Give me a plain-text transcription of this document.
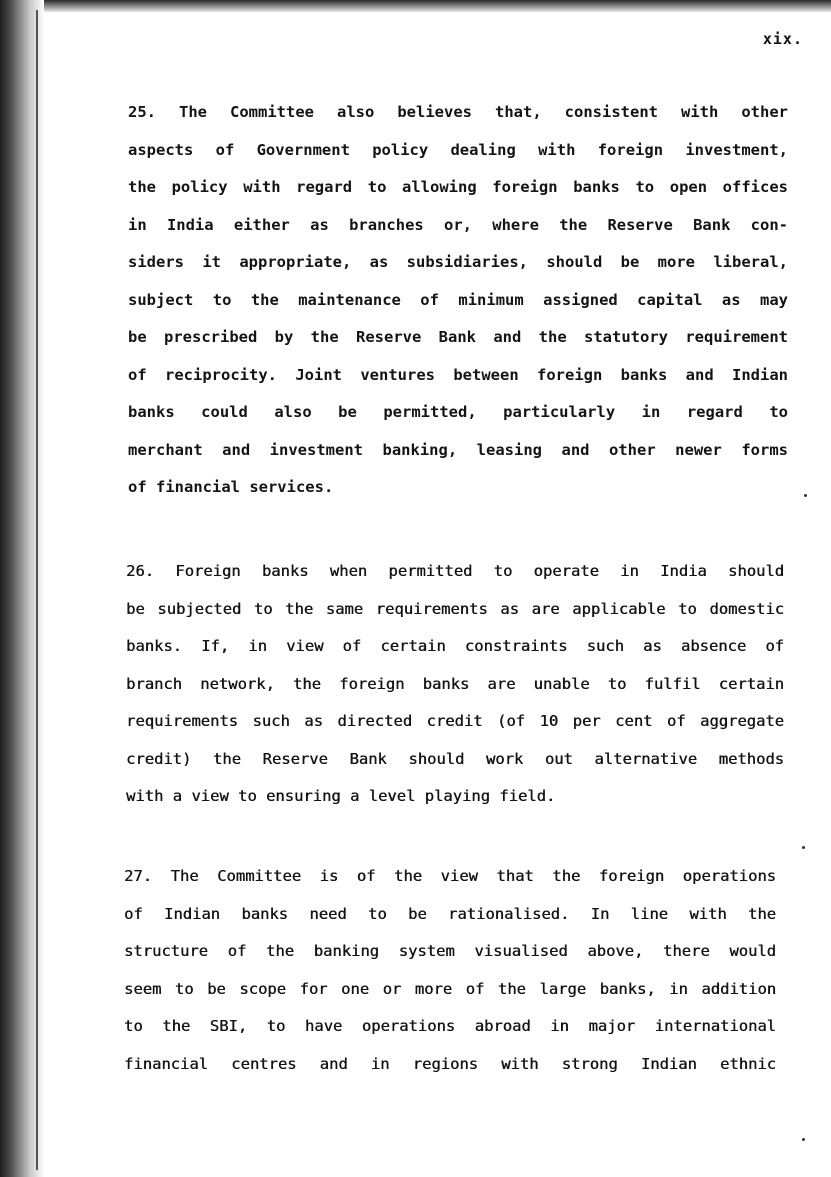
xix.

25. The Committee also believes that, consistent with other
aspects of Government policy dealing with foreign investment,
the policy with regard to allowing foreign banks to open offices
in India either as branches or, where the Reserve Bank con-
siders it appropriate, as subsidiaries, should be more liberal,
subject to the maintenance of minimum assigned capital as may
be prescribed by the Reserve Bank and the statutory requirement
of reciprocity. Joint ventures between foreign banks and Indian
banks could also be permitted, particularly in regard to
merchant and investment banking, leasing and other newer forms
of financial services.
26. Foreign banks when permitted to operate in India should
be subjected to the same requirements as are applicable to domestic
banks. If, in view of certain constraints such as absence of
branch network, the foreign banks are unable to fulfil certain
requirements such as directed credit (of 10 per cent of aggregate
credit) the Reserve Bank should work out alternative methods
with a view to ensuring a level playing field.
27. The Committee is of the view that the foreign operations
of Indian banks need to be rationalised. In line with the
structure of the banking system visualised above, there would
seem to be scope for one or more of the large banks, in addition
to the SBI, to have operations abroad in major international
financial centres and in regions with strong Indian ethnic
